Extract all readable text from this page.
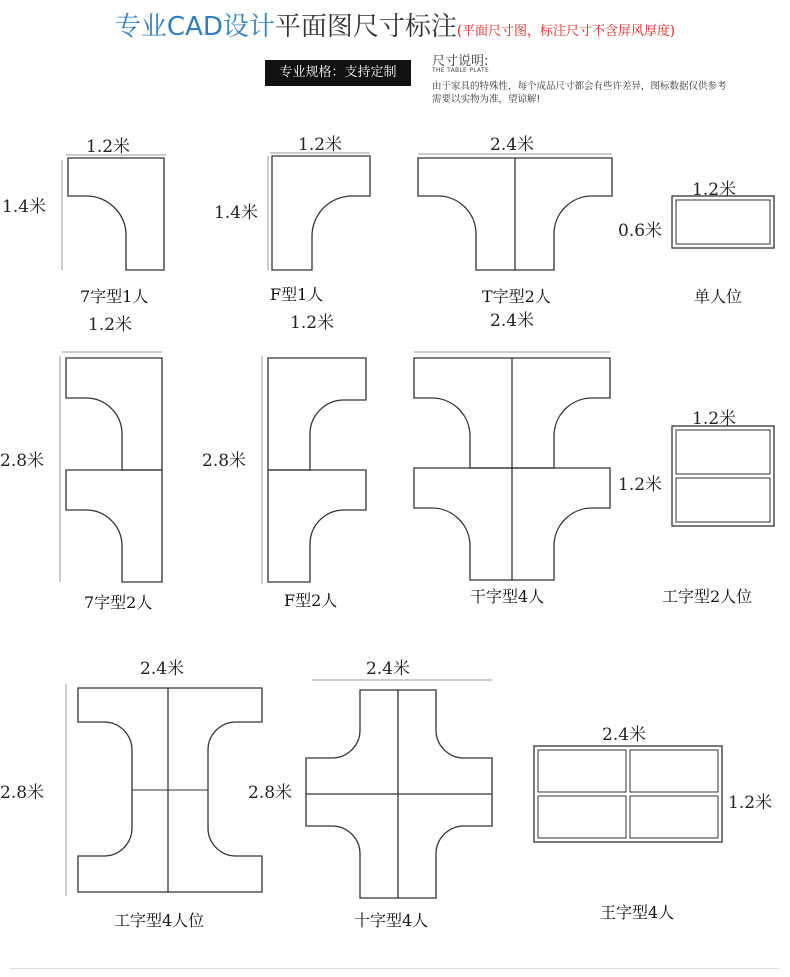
专业CAD设计平面图尺寸标注(平面尺寸图，标注尺寸不含屏风厚度)
专业规格：支持定制
尺寸说明:
THE TABLE PLATE
由于家具的特殊性，每个成品尺寸都会有些许差异，图标数据仅供参考
需要以实物为准，望谅解!
1.2米
1.4米
7字型1人
1.2米
1.4米
F型1人
2.4米
T字型2人
1.2米
0.6米
单人位
1.2米
2.8米
7字型2人
1.2米
2.8米
F型2人
2.4米
干字型4人
1.2米
1.2米
工字型2人位
2.4米
2.8米
工字型4人位
2.4米
2.8米
十字型4人
2.4米
1.2米
王字型4人
